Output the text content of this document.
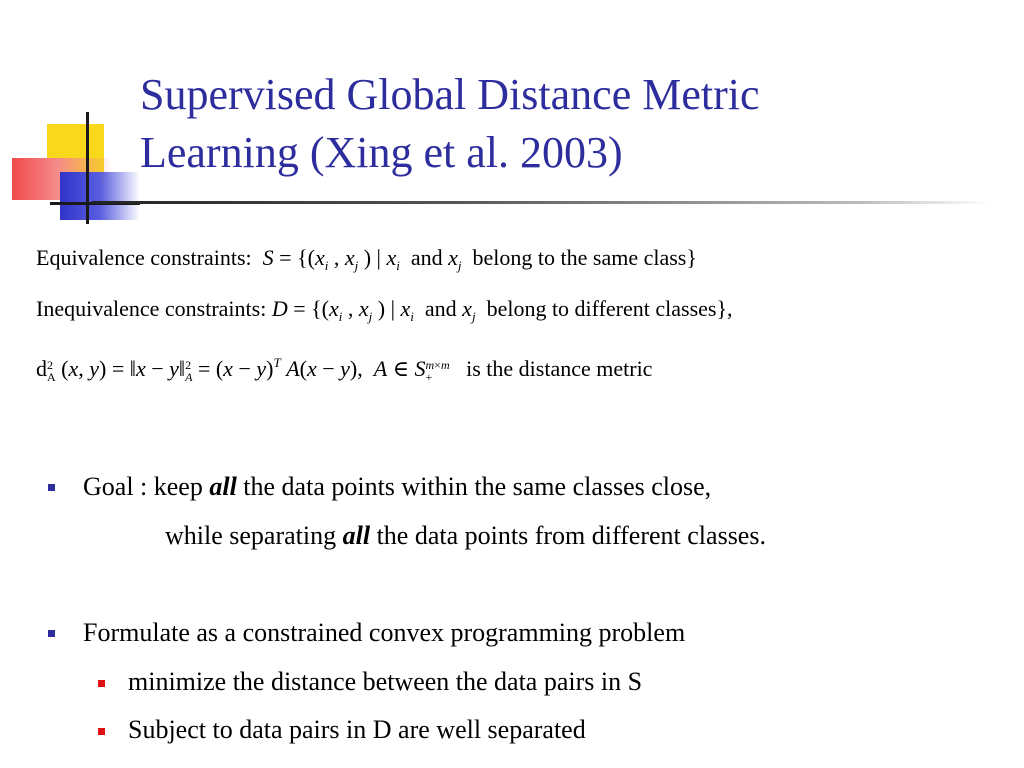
Supervised Global Distance Metric
Learning (Xing et al. 2003)
Equivalence constraints: $S = \{(x_i$ , $x_j$ ) | $x_i$ and $x_j$ belong to the same class}
Inequivalence constraints: $D = \{(x_i$ , $x_j$ ) | $x_i$ and $x_j$ belong to different classes},
d 2
A (x, y) = ‖x − y‖ 2
$A = (x - y)^T$ A(x − y),  A ∈ S m×m
+	is the distance metric
Goal : keep all the data points within the same classes close,
while separating all the data points from different classes.
Formulate as a constrained convex programming problem
minimize the distance between the data pairs in S
Subject to data pairs in D are well separated
